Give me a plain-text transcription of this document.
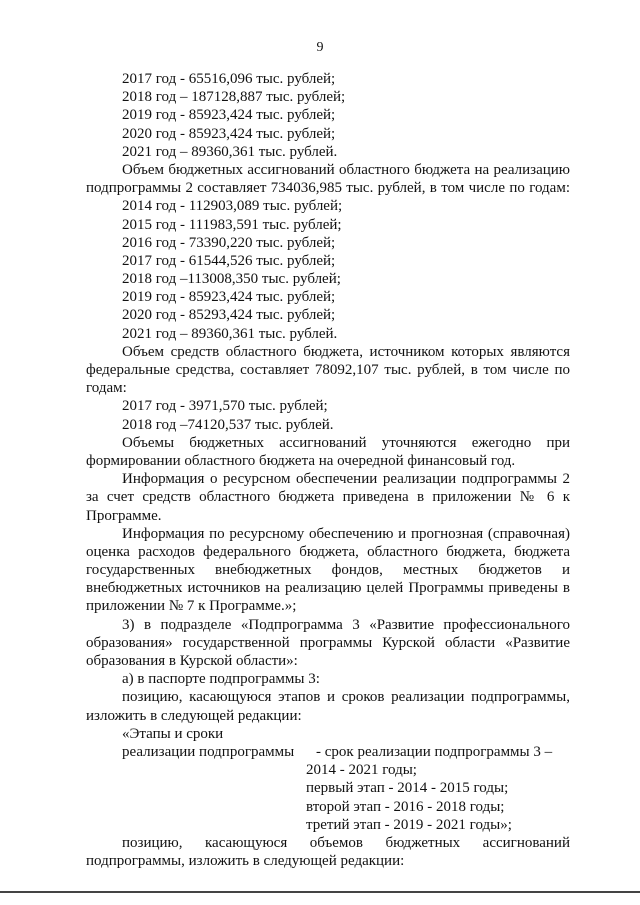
9
2017 год - 65516,096 тыс. рублей;
2018 год – 187128,887 тыс. рублей;
2019 год - 85923,424 тыс. рублей;
2020 год - 85923,424 тыс. рублей;
2021 год – 89360,361 тыс. рублей.
Объем бюджетных ассигнований областного бюджета на реализацию
подпрограммы 2 составляет 734036,985 тыс. рублей, в том числе по годам:
2014 год - 112903,089 тыс. рублей;
2015 год - 111983,591 тыс. рублей;
2016 год - 73390,220 тыс. рублей;
2017 год - 61544,526 тыс. рублей;
2018 год –113008,350 тыс. рублей;
2019 год - 85923,424 тыс. рублей;
2020 год - 85293,424 тыс. рублей;
2021 год – 89360,361 тыс. рублей.
Объем средств областного бюджета, источником которых являются
федеральные средства, составляет 78092,107 тыс. рублей, в том числе по
годам:
2017 год - 3971,570 тыс. рублей;
2018 год –74120,537 тыс. рублей.
Объемы бюджетных ассигнований уточняются ежегодно при
формировании областного бюджета на очередной финансовый год.
Информация о ресурсном обеспечении реализации подпрограммы 2
за счет средств областного бюджета приведена в приложении № 6 к
Программе.
Информация по ресурсному обеспечению и прогнозная (справочная)
оценка расходов федерального бюджета, областного бюджета, бюджета
государственных внебюджетных фондов, местных бюджетов и
внебюджетных источников на реализацию целей Программы приведены в
приложении № 7 к Программе.»;
3) в подразделе «Подпрограмма 3 «Развитие профессионального
образования» государственной программы Курской области «Развитие
образования в Курской области»:
а) в паспорте подпрограммы 3:
позицию, касающуюся этапов и сроков реализации подпрограммы,
изложить в следующей редакции:
«Этапы и сроки
реализации подпрограммы	- срок реализации подпрограммы 3 –
2014 - 2021 годы;
первый этап - 2014 - 2015 годы;
второй этап - 2016 - 2018 годы;
третий этап - 2019 - 2021 годы»;
позицию, касающуюся объемов бюджетных ассигнований
подпрограммы, изложить в следующей редакции:
